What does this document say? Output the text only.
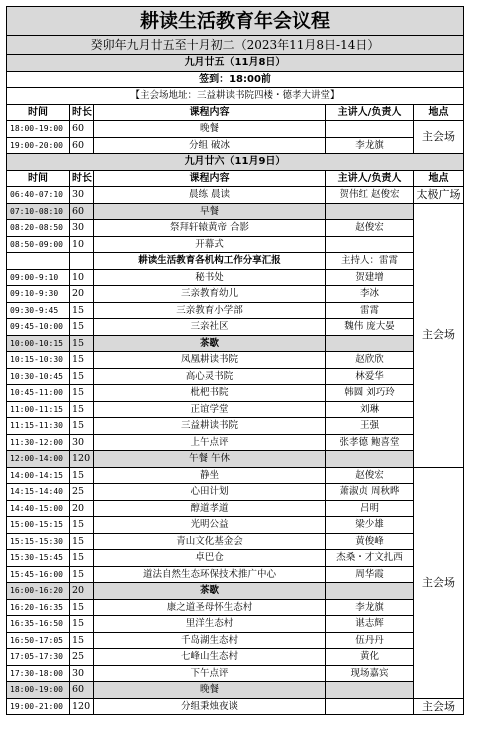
耕读生活教育年会议程				
癸卯年九月廿五至十月初二（2023年11月8日-14日）				
九月廿五（11月8日）				
签到：18:00前				
【主会场地址：三益耕读书院四楼・德孝大讲堂】				
时间	时长	课程内容	主讲人/负责人	地点
18:00-19:00	60	晚餐		主会场
19:00-20:00	60	分组 破冰	李龙旗	
九月廿六（11月9日）				
时间	时长	课程内容	主讲人/负责人	地点
06:40-07:10	30	晨练 晨读	贺伟红 赵俊宏	太极广场
07:10-08:10	60	早餐		主会场
08:20-08:50	30	祭拜轩辕黄帝 合影	赵俊宏	
08:50-09:00	10	开幕式		
		耕读生活教育各机构工作分享汇报	主持人：雷霄	
09:00-9:10	10	秘书处	贺建增	
09:10-9:30	20	三亲教育幼儿	李冰	
09:30-9:45	15	三亲教育小学部	雷霄	
09:45-10:00	15	三亲社区	魏伟 庞大晏	
10:00-10:15	15	茶歇		
10:15-10:30	15	凤凰耕读书院	赵欣欣	
10:30-10:45	15	高心灵书院	林爱华	
10:45-11:00	15	枇杷书院	韩圆 刘巧玲	
11:00-11:15	15	正谊学堂	刘琳	
11:15-11:30	15	三益耕读书院	王强	
11:30-12:00	30	上午点评	张孝德 鲍喜堂	
12:00-14:00	120	午餐 午休		
14:00-14:15	15	静坐	赵俊宏	主会场
14:15-14:40	25	心田计划	萧淑贞 周秋晔	
14:40-15:00	20	醇道孝道	吕明	
15:00-15:15	15	光明公益	梁少雄	
15:15-15:30	15	青山文化基金会	黄俊峰	
15:30-15:45	15	卓巴仓	杰桑・才文扎西	
15:45-16:00	15	道法自然生态环保技术推广中心	周华霞	
16:00-16:20	20	茶歇		
16:20-16:35	15	康之道圣母怀生态村	李龙旗	
16:35-16:50	15	里洋生态村	谌志辉	
16:50-17:05	15	千岛湖生态村	伍丹丹	
17:05-17:30	25	七峰山生态村	黄化	
17:30-18:00	30	下午点评	现场嘉宾	
18:00-19:00	60	晚餐		
19:00-21:00	120	分组秉烛夜谈		主会场
